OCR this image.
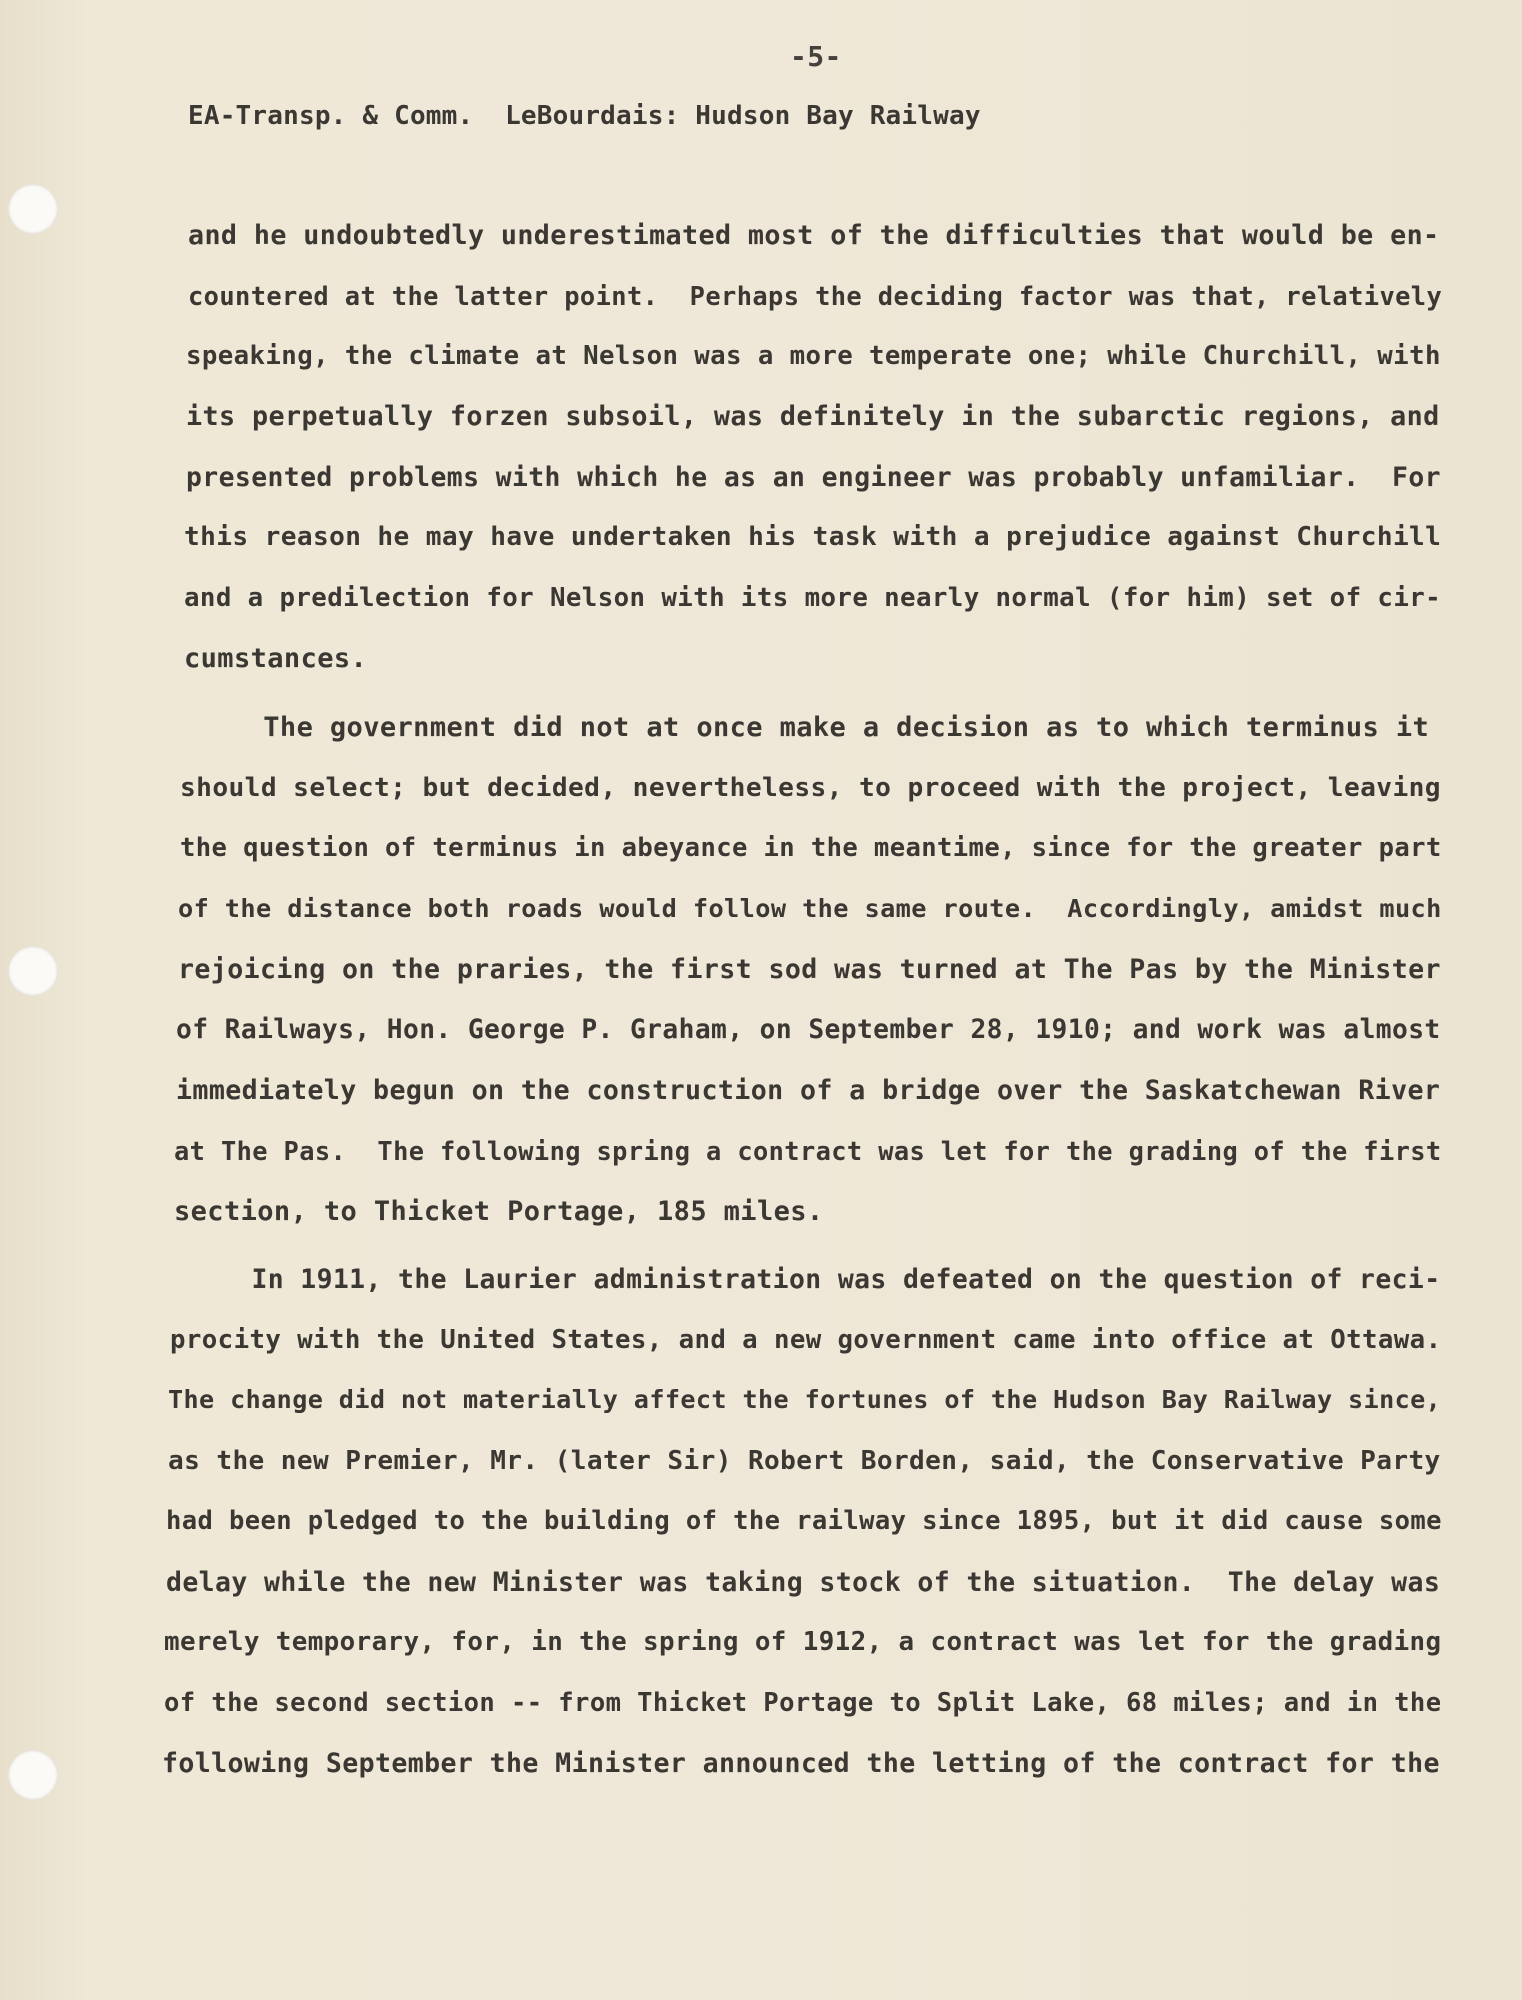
-5-
EA-Transp. & Comm.  LeBourdais: Hudson Bay Railway
and he undoubtedly underestimated most of the difficulties that would be en-
countered at the latter point.  Perhaps the deciding factor was that, relatively
speaking, the climate at Nelson was a more temperate one; while Churchill, with
its perpetually forzen subsoil, was definitely in the subarctic regions, and
presented problems with which he as an engineer was probably unfamiliar.  For
this reason he may have undertaken his task with a prejudice against Churchill
and a predilection for Nelson with its more nearly normal (for him) set of cir-
cumstances.
The government did not at once make a decision as to which terminus it
should select; but decided, nevertheless, to proceed with the project, leaving
the question of terminus in abeyance in the meantime, since for the greater part
of the distance both roads would follow the same route.  Accordingly, amidst much
rejoicing on the praries, the first sod was turned at The Pas by the Minister
of Railways, Hon. George P. Graham, on September 28, 1910; and work was almost
immediately begun on the construction of a bridge over the Saskatchewan River
at The Pas.  The following spring a contract was let for the grading of the first
section, to Thicket Portage, 185 miles.
In 1911, the Laurier administration was defeated on the question of reci-
procity with the United States, and a new government came into office at Ottawa.
The change did not materially affect the fortunes of the Hudson Bay Railway since,
as the new Premier, Mr. (later Sir) Robert Borden, said, the Conservative Party
had been pledged to the building of the railway since 1895, but it did cause some
delay while the new Minister was taking stock of the situation.  The delay was
merely temporary, for, in the spring of 1912, a contract was let for the grading
of the second section -- from Thicket Portage to Split Lake, 68 miles; and in the
following September the Minister announced the letting of the contract for the
